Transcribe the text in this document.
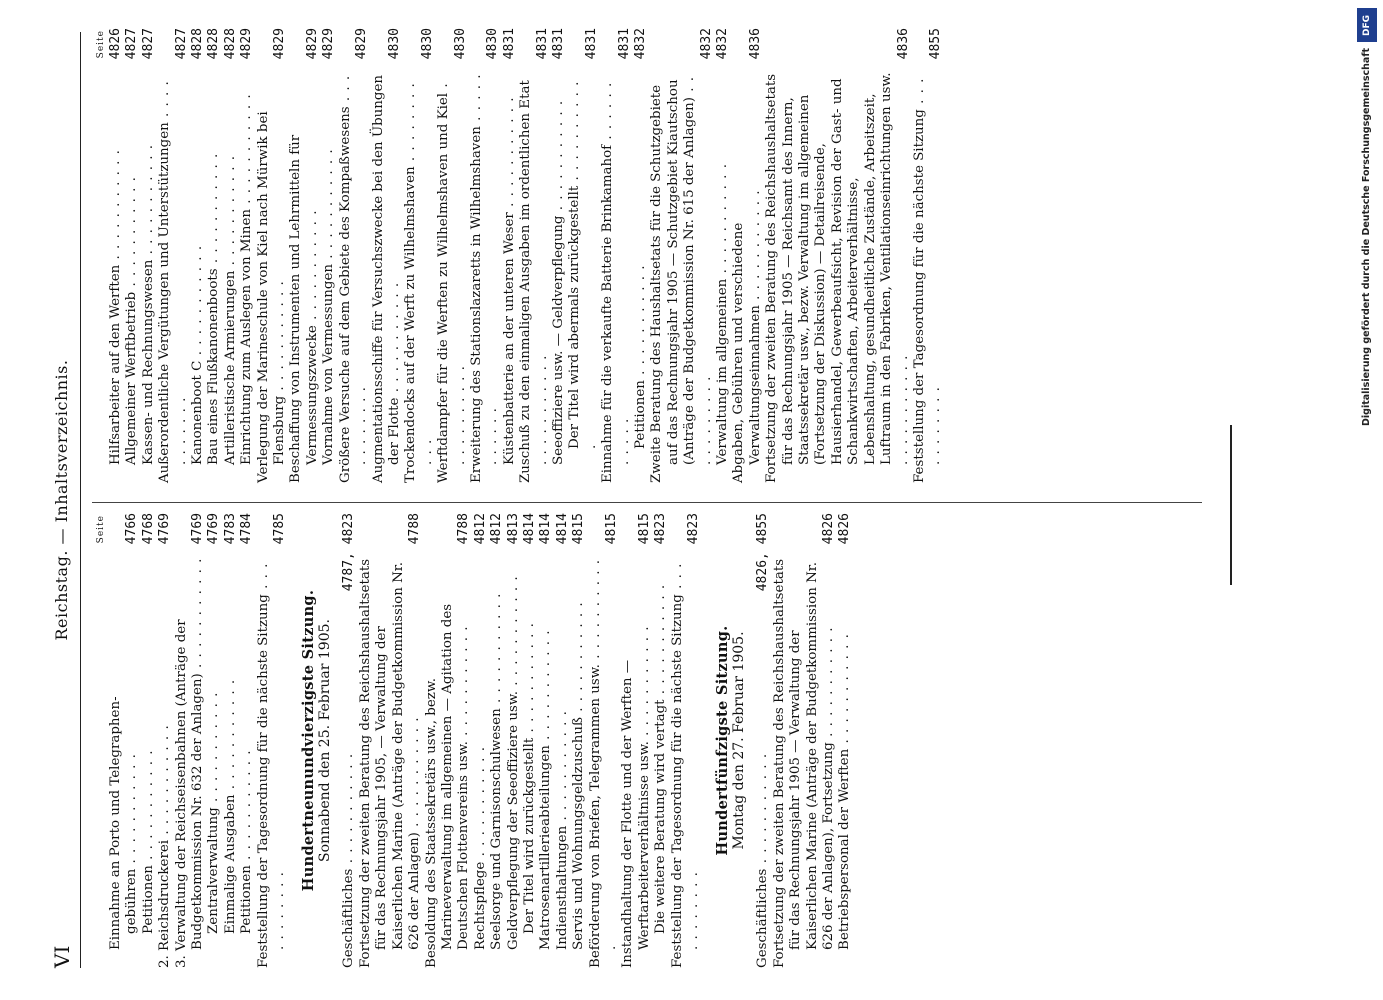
VI
Reichstag. — Inhaltsverzeichnis.	Seite
Einnahme an Porto und Telegraphen- gebühren . . .
4766
Petitionen . . .
4768
2. Reichsdruckerei . . .
4769
3. Verwaltung der Reichseisenbahnen (Anträge der Budgetkommission Nr. 632 der Anlagen) . . .
4769
Zentralverwaltung . . .
4769
Einmalige Ausgaben . . .
4783
Petitionen . . .
4784
Feststellung der Tagesordnung für die nächste Sitzung . . .
4785
Hundertneunundvierzigste Sitzung. Sonnabend den 25. Februar 1905.
Geschäftliches . . .
4787, 4823
Fortsetzung der zweiten Beratung des Reichshaushaltsetats für das Rechnungsjahr 1905, — Verwaltung der Kaiserlichen Marine (Anträge der Budgetkommission Nr. 626 der Anlagen) . . .
4788
Besoldung des Staatssekretärs usw., bezw. Marineverwaltung im allgemeinen — Agitation des Deutschen Flottenvereins usw. . . .
4788
Rechtspflege . . .
4812
Seelsorge und Garnisonschulwesen . . .
4812
Geldverpflegung der Seeoffiziere usw. . . .
4813
Der Titel wird zurückgestellt . . .
4814
Matrosenartillerieabteilungen . . .
4814
Indiensthaltungen . . .
4814
Servis und Wohnungsgeldzuschuß . . .
4815
Beförderung von Briefen, Telegrammen usw. . . .
4815
Instandhaltung der Flotte und der Werften — Werftarbeiterverhältnisse usw. . . .
4815
Die weitere Beratung wird vertagt . . .
4823
Feststellung der Tagesordnung für die nächste Sitzung . . .
4823
Hundertfünfzigste Sitzung. Montag den 27. Februar 1905.
Geschäftliches . . .
4826, 4855
Fortsetzung der zweiten Beratung des Reichshaushaltsetats für das Rechnungsjahr 1905 — Verwaltung der Kaiserlichen Marine (Anträge der Budgetkommission Nr. 626 der Anlagen), Fortsetzung . . .
4826
Betriebspersonal der Werften . . .
4826
Seite
Hilfsarbeiter auf den Werften . . .
4826
Allgemeiner Werftbetrieb . . .
4827
Kassen- und Rechnungswesen . . .
4827
Außerordentliche Vergütungen und Unterstützungen . . .
4827
Kanonenboot C . . .
4828
Bau eines Flußkanonenboots . . .
4828
Artilleristische Armierungen . . .
4828
Einrichtung zum Auslegen von Minen . . .
4829
Verlegung der Marineschule von Kiel nach Mürwik bei Flensburg . . .
4829
Beschaffung von Instrumenten und Lehrmitteln für Vermessungszwecke . . .
4829
Vornahme von Vermessungen . . .
4829
Größere Versuche auf dem Gebiete des Kompaßwesens . . .
4829
Augmentationsschiffe für Versuchszwecke bei den Übungen der Flotte . . .
4830
Trockendocks auf der Werft zu Wilhelmshaven . . .
4830
Werftdampfer für die Werften zu Wilhelmshaven und Kiel . . .
4830
Erweiterung des Stationslazaretts in Wilhelmshaven . . .
4830
Küstenbatterie an der unteren Weser . . .
4831
Zuschuß zu den einmaligen Ausgaben im ordentlichen Etat . . .
4831
Seeoffiziere usw. — Geldverpflegung . . .
4831
Der Titel wird abermals zurückgestellt . . .
4831
Einnahme für die verkaufte Batterie Brinkamahof . . .
4831
Petitionen . . .
4832
Zweite Beratung des Haushaltsetats für die Schutzgebiete auf das Rechnungsjahr 1905 — Schutzgebiet Kiautschou (Anträge der Budgetkommission Nr. 615 der Anlagen) . . .
4832
Verwaltung im allgemeinen . . .
4832
Abgaben, Gebühren und verschiedene Verwaltungseinnahmen . . .
4836
Fortsetzung der zweiten Beratung des Reichshaushaltsetats für das Rechnungsjahr 1905 — Reichsamt des Innern, Staatssekretär usw., bezw. Verwaltung im allgemeinen (Fortsetzung der Diskussion) — Detailreisende, Hausierhandel, Gewerbeaufsicht, Revision der Gast- und Schankwirtschaften, Arbeiterverhältnisse, Lebenshaltung, gesundheitliche Zustände, Arbeitszeit, Luftraum in den Fabriken, Ventilationseinrichtungen usw. . . .
4836
Feststellung der Tagesordnung für die nächste Sitzung . . .
4855
DFG
Digitalisierung gefördert durch die Deutsche Forschungsgemeinschaft
